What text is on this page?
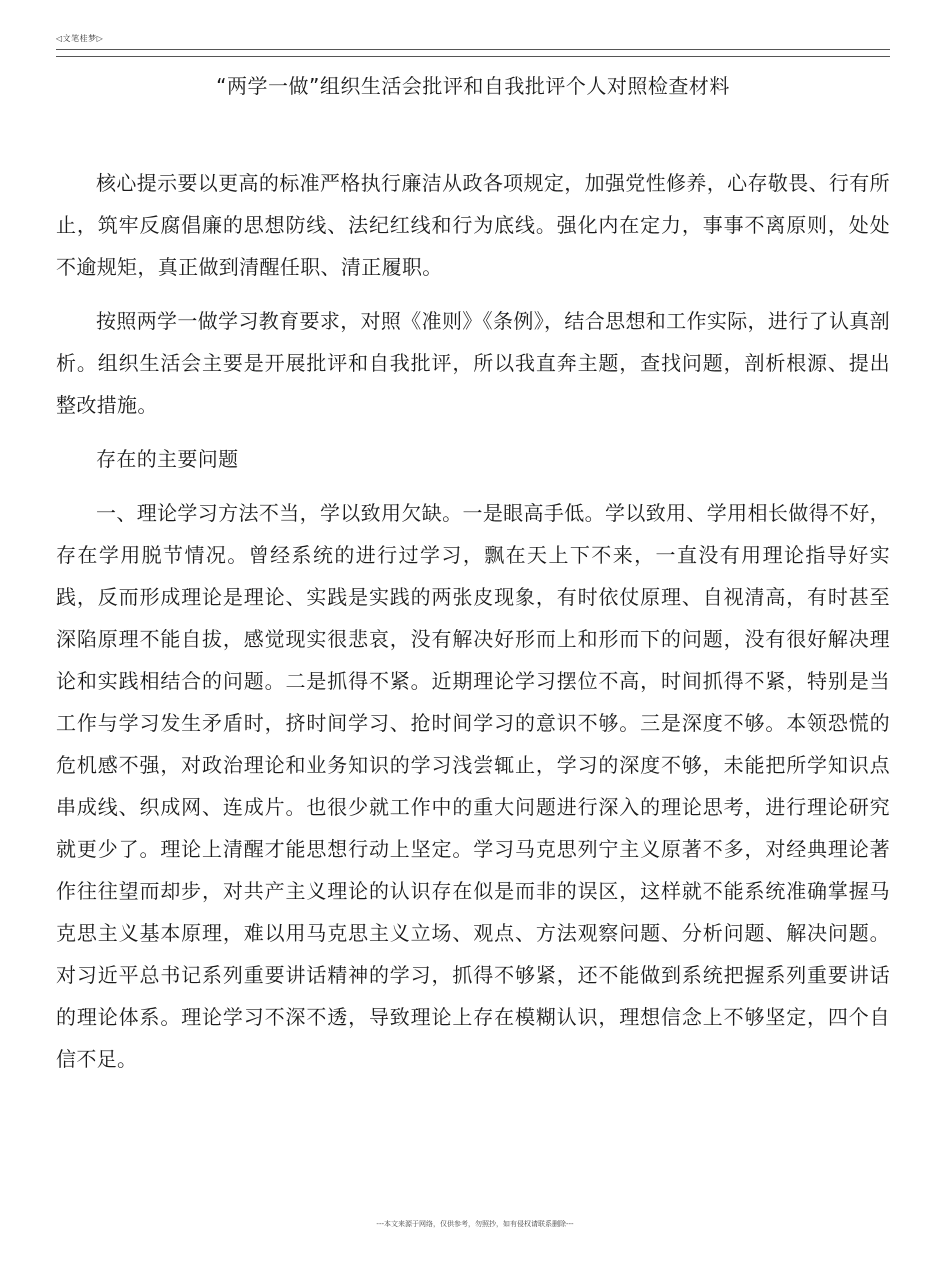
◁文笔桂梦▷
“两学一做”组织生活会批评和自我批评个人对照检查材料

核心提示要以更高的标准严格执行廉洁从政各项规定，加强党性修养，心存敬畏、行有所止，筑牢反腐倡廉的思想防线、法纪红线和行为底线。强化内在定力，事事不离原则，处处不逾规矩，真正做到清醒任职、清正履职。

按照两学一做学习教育要求，对照《准则》《条例》，结合思想和工作实际，进行了认真剖析。组织生活会主要是开展批评和自我批评，所以我直奔主题，查找问题，剖析根源、提出整改措施。

存在的主要问题

一、理论学习方法不当，学以致用欠缺。一是眼高手低。学以致用、学用相长做得不好，存在学用脱节情况。曾经系统的进行过学习，飘在天上下不来，一直没有用理论指导好实践，反而形成理论是理论、实践是实践的两张皮现象，有时依仗原理、自视清高，有时甚至深陷原理不能自拔，感觉现实很悲哀，没有解决好形而上和形而下的问题，没有很好解决理论和实践相结合的问题。二是抓得不紧。近期理论学习摆位不高，时间抓得不紧，特别是当工作与学习发生矛盾时，挤时间学习、抢时间学习的意识不够。三是深度不够。本领恐慌的危机感不强，对政治理论和业务知识的学习浅尝辄止，学习的深度不够，未能把所学知识点串成线、织成网、连成片。也很少就工作中的重大问题进行深入的理论思考，进行理论研究就更少了。理论上清醒才能思想行动上坚定。学习马克思列宁主义原著不多，对经典理论著作往往望而却步，对共产主义理论的认识存在似是而非的误区，这样就不能系统准确掌握马克思主义基本原理，难以用马克思主义立场、观点、方法观察问题、分析问题、解决问题。对习近平总书记系列重要讲话精神的学习，抓得不够紧，还不能做到系统把握系列重要讲话的理论体系。理论学习不深不透，导致理论上存在模糊认识，理想信念上不够坚定，四个自信不足。

---本文来源于网络，仅供参考，勿照抄，如有侵权请联系删除---
